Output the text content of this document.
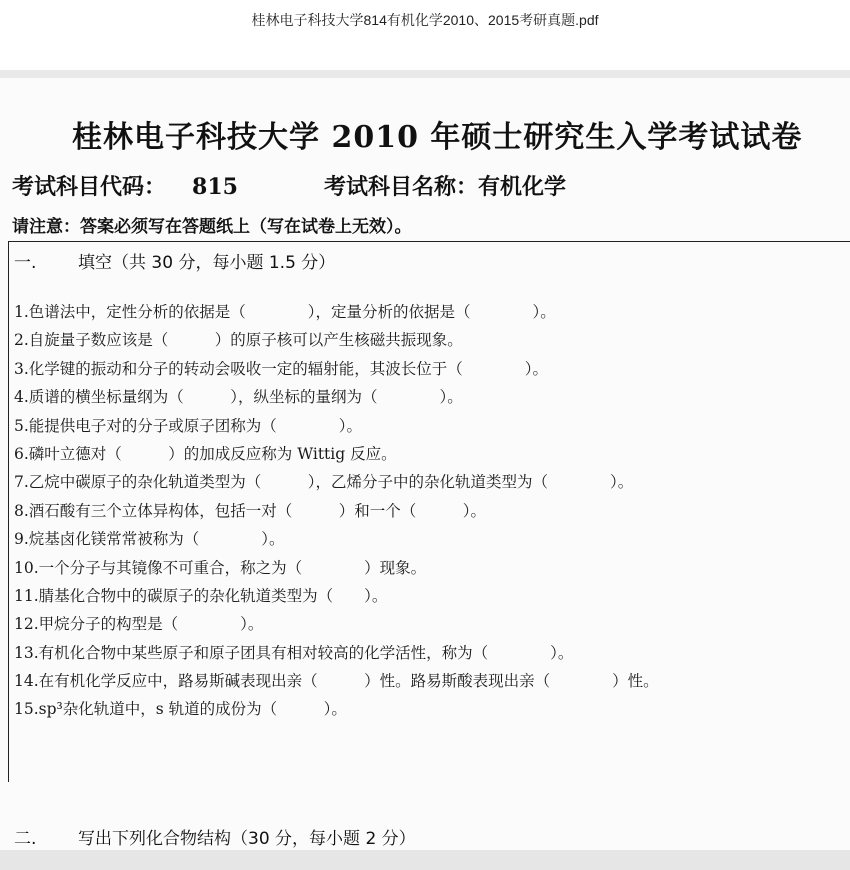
桂林电子科技大学814有机化学2010、2015考研真题.pdf
桂林电子科技大学 2010 年硕士研究生入学考试试卷
考试科目代码： 815	考试科目名称：有机化学
请注意：答案必须写在答题纸上（写在试卷上无效）。
一. 填空（共 30 分，每小题 1.5 分）
1.色谱法中，定性分析的依据是（　　　　），定量分析的依据是（　　　　）。
2.自旋量子数应该是（　　　）的原子核可以产生核磁共振现象。
3.化学键的振动和分子的转动会吸收一定的辐射能，其波长位于（　　　　）。
4.质谱的横坐标量纲为（　　　），纵坐标的量纲为（　　　　）。
5.能提供电子对的分子或原子团称为（　　　　）。
6.磷叶立德对（　　　）的加成反应称为 Wittig 反应。
7.乙烷中碳原子的杂化轨道类型为（　　　），乙烯分子中的杂化轨道类型为（　　　　）。
8.酒石酸有三个立体异构体，包括一对（　　　）和一个（　　　）。
9.烷基卤化镁常常被称为（　　　　）。
10.一个分子与其镜像不可重合，称之为（　　　　）现象。
11.腈基化合物中的碳原子的杂化轨道类型为（　　）。
12.甲烷分子的构型是（　　　　）。
13.有机化合物中某些原子和原子团具有相对较高的化学活性，称为（　　　　）。
14.在有机化学反应中，路易斯碱表现出亲（　　　）性。路易斯酸表现出亲（　　　　）性。
15.sp³杂化轨道中，s 轨道的成份为（　　　）。
二. 写出下列化合物结构（30 分，每小题 2 分）
